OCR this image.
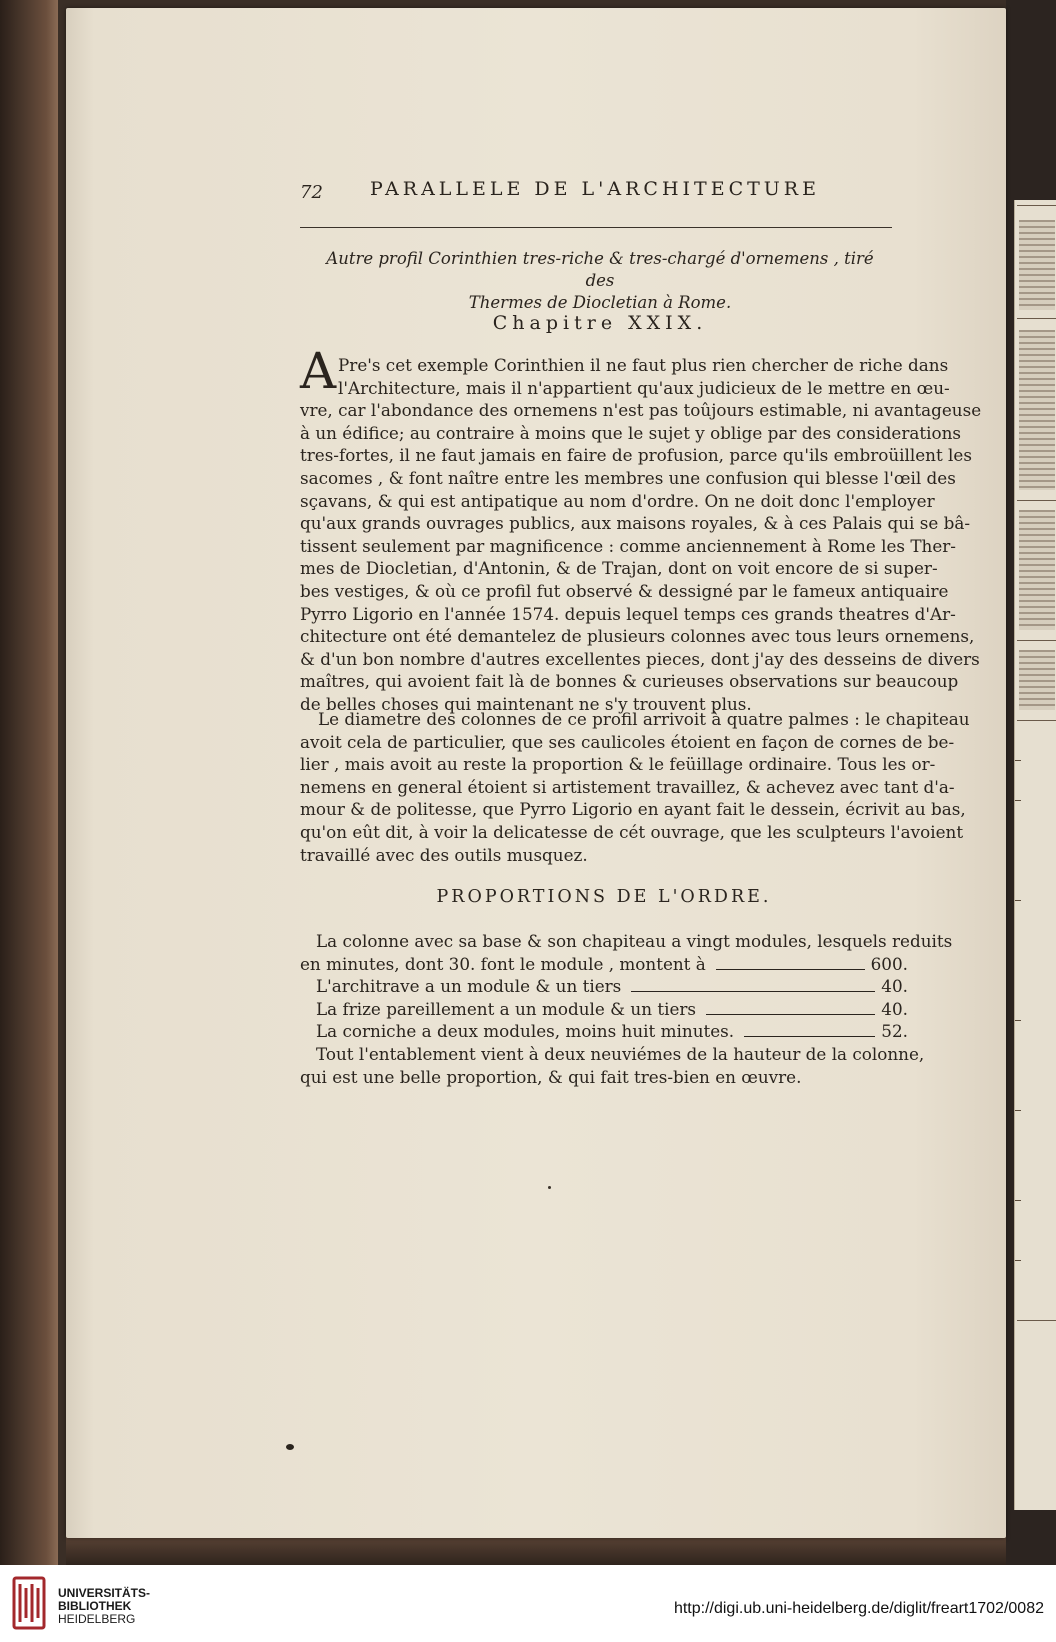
72 PARALLELE DE L'ARCHITECTURE
Autre profil Corinthien tres-riche & tres-chargé d'ornemens , tiré des
Thermes de Diocletian à Rome.
Chapitre XXIX.
A Pre's cet exemple Corinthien il ne faut plus rien chercher de riche dans
l'Architecture, mais il n'appartient qu'aux judicieux de le mettre en œu-
vre, car l'abondance des ornemens n'est pas toûjours estimable, ni avantageuse
à un édifice; au contraire à moins que le sujet y oblige par des considerations
tres-fortes, il ne faut jamais en faire de profusion, parce qu'ils embroüillent les
sacomes , & font naître entre les membres une confusion qui blesse l'œil des
sçavans, & qui est antipatique au nom d'ordre. On ne doit donc l'employer
qu'aux grands ouvrages publics, aux maisons royales, & à ces Palais qui se bâ-
tissent seulement par magnificence : comme anciennement à Rome les Ther-
mes de Diocletian, d'Antonin, & de Trajan, dont on voit encore de si super-
bes vestiges, & où ce profil fut observé & dessigné par le fameux antiquaire
Pyrro Ligorio en l'année 1574. depuis lequel temps ces grands theatres d'Ar-
chitecture ont été demantelez de plusieurs colonnes avec tous leurs ornemens,
& d'un bon nombre d'autres excellentes pieces, dont j'ay des desseins de divers
maîtres, qui avoient fait là de bonnes & curieuses observations sur beaucoup
de belles choses qui maintenant ne s'y trouvent plus.
Le diametre des colonnes de ce profil arrivoit à quatre palmes : le chapiteau
avoit cela de particulier, que ses caulicoles étoient en façon de cornes de be-
lier , mais avoit au reste la proportion & le feüillage ordinaire. Tous les or-
nemens en general étoient si artistement travaillez, & achevez avec tant d'a-
mour & de politesse, que Pyrro Ligorio en ayant fait le dessein, écrivit au bas,
qu'on eût dit, à voir la delicatesse de cét ouvrage, que les sculpteurs l'avoient
travaillé avec des outils musquez.
PROPORTIONS DE L'ORDRE.
La colonne avec sa base & son chapiteau a vingt modules, lesquels reduits
en minutes, dont 30. font le module , montent à	600.
L'architrave a un module & un tiers	40.
La frize pareillement a un module & un tiers	40.
La corniche a deux modules, moins huit minutes.	52.
Tout l'entablement vient à deux neuviémes de la hauteur de la colonne,
qui est une belle proportion, & qui fait tres-bien en œuvre.
UNIVERSITÄTS-
BIBLIOTHEK
HEIDELBERG
http://digi.ub.uni-heidelberg.de/diglit/freart1702/0082
